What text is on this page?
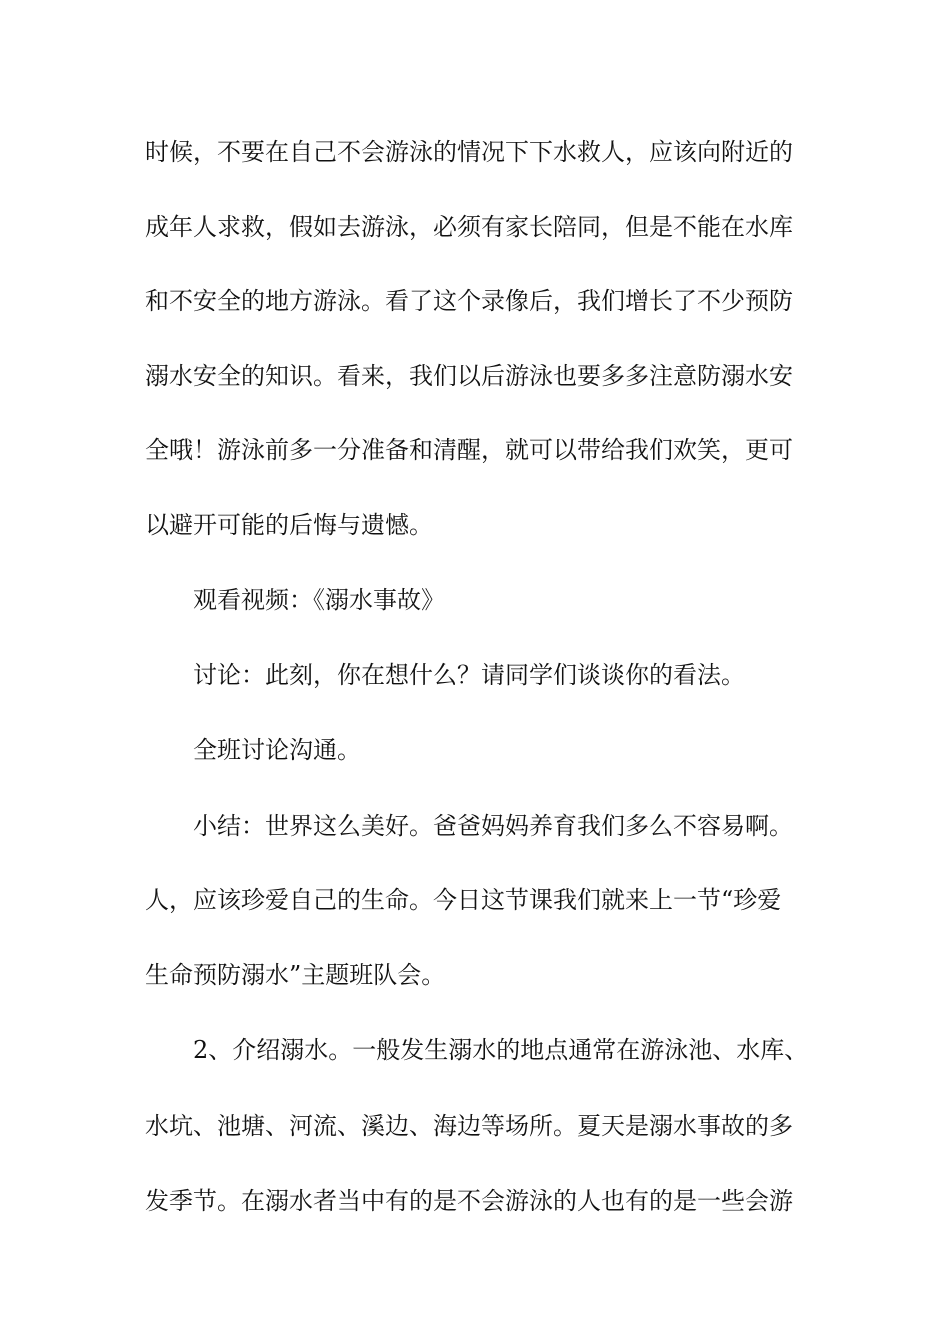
时候，不要在自己不会游泳的情况下下水救人，应该向附近的
成年人求救，假如去游泳，必须有家长陪同，但是不能在水库
和不安全的地方游泳。看了这个录像后，我们增长了不少预防
溺水安全的知识。看来，我们以后游泳也要多多注意防溺水安
全哦！游泳前多一分准备和清醒，就可以带给我们欢笑，更可
以避开可能的后悔与遗憾。
观看视频：《溺水事故》
讨论：此刻，你在想什么？请同学们谈谈你的看法。
全班讨论沟通。
小结：世界这么美好。爸爸妈妈养育我们多么不容易啊。
人，应该珍爱自己的生命。今日这节课我们就来上一节“珍爱
生命预防溺水”主题班队会。
2、介绍溺水。一般发生溺水的地点通常在游泳池、水库、
水坑、池塘、河流、溪边、海边等场所。夏天是溺水事故的多
发季节。在溺水者当中有的是不会游泳的人也有的是一些会游
